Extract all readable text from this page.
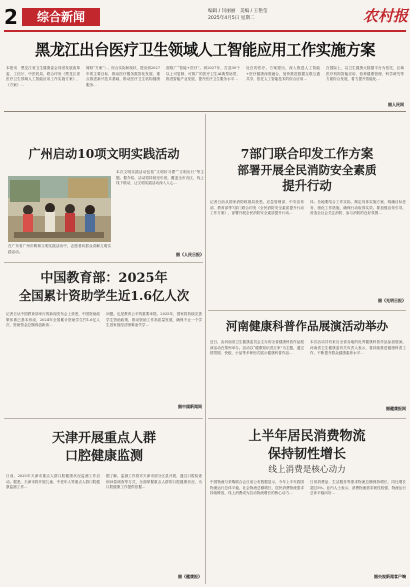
2	综合新闻	编辑 / 闫丽丽　美编 / 王艳莹
2025年4月5日 星期二	农村报
黑龙江出台医疗卫生领域人工智能应用工作实施方案
本报讯　黑龙江省卫生健康委会同省发展改革委、工信厅、中医药局，联合印发《黑龙江省医疗卫生领域人工智能应用工作实施方案》，《方案》…
简称“方案”）。综合实际和现状，提出到2027年的主要目标，推动医疗服务数智化发展，重点推进新兴技术基础，推动医疗卫生机构健康服务…
面推广“智能+医疗”。到2027年，打造30个以上可复制、可推广的医疗卫生AI典型场景，推进智能产业发展，提升医疗卫生服务水平…
处在的医疗。方案提出，深入推进人工智能+医疗健康深度融合，加快推进数据互联互通共享，依托人工智能技术的综合应用…
在国际上，以卫生健康大数据平台为依托，区域医疗机构智能应用、营养健康管理、科学研究等方面综合发展，着力提升智能化…
据人民网
广州启动10项文明实践活动
在广东省广州市鹤林文明实践活动中，志愿者向群众讲解文明实践活动。
本次文明实践活动包括“文明好习惯”“文明出行”等主题。据介绍，活动将持续至年底，覆盖全市各区，线上线下联动，让文明实践活动深入人心…
据《人民日报》
中国教育部：2025年
全国累计资助学生近1.6亿人次
记者日从中国教育部举行的新闻发布会上获悉，中国资助政策体系已基本形成，2024年全国累计资助学生约1.6亿人次，资助资金总额再创新高…
问题。也是教育公平的重要举措。2025年，国家将持续完善学生资助政策，推动资助工作高质量发展，确保不让一个学生因家庭经济困难而失学…
据中国新闻网
天津开展重点人群
口腔健康监测
日前，2025年天津市重点人群口腔健康状况监测工作启动。据悉，天津市将开展儿童、中老年人等重点人群口腔健康监测工作…
据了解，监测工作将对天津市部分区县开展，通过口腔检查和问卷调查等方式，全面掌握重点人群的口腔健康状况，为口腔健康工作提供依据…
据《健康报》
7部门联合印发工作方案
部署开展全民消防安全素质
提升行动
记者日前从国家消防救援局获悉，应急管理部、中央宣传部、教育部等7部门联合印发《全民消防安全素质提升行动工作方案》，部署开展全民消防安全素质提升行动…
体。各地要结合工作实际，制定具体实施方案，明确目标任务，细化工作措施，确保行动取得实效。要加强宣传引导，营造全社会关注消防、参与消防的良好氛围…
据《光明日报》
河南健康科普作品展演活动举办
近日，由河南省卫生健康委员会主办的全省健康科普作品展演活动在郑州举办。活动以“健康知识进万家”为主题，通过情景剧、快板、小品等多种形式展示健康科普作品…
本次活动共有来自全省各地的优秀健康科普作品参加展演。河南省卫生健康委有关负责人表示，将持续推进健康科普工作，不断提升群众健康素养水平…
据健康报网
上半年居民消费物流
保持韧性增长
线上消费是核心动力
中国物流与采购联合会日前公布数据显示，今年上半年我国物流运行总体平稳，社会物流总额增长，居民消费物流需求持续释放，线上消费成为拉动物流增长的核心动力…
日常消费品、生活服务等需求物流总额保持增长，同比增长超过5%。业内人士表示，消费物流需求韧性较强，物流运行总体平稳向好…
据央视新闻客户端
